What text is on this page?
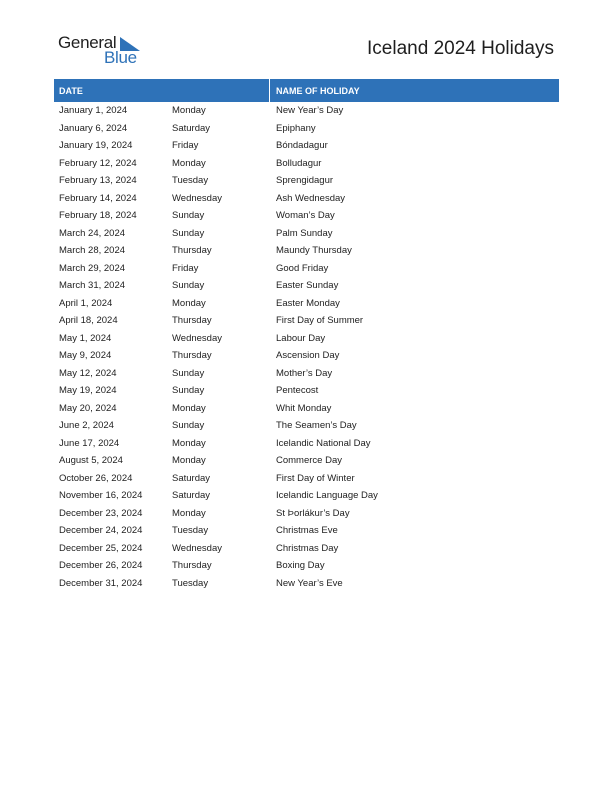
General
Blue	Iceland 2024 Holidays
DATE	NAME OF HOLIDAY
January 1, 2024	Monday	New Year’s Day
January 6, 2024	Saturday	Epiphany
January 19, 2024	Friday	Bóndadagur
February 12, 2024	Monday	Bolludagur
February 13, 2024	Tuesday	Sprengidagur
February 14, 2024	Wednesday	Ash Wednesday
February 18, 2024	Sunday	Woman’s Day
March 24, 2024	Sunday	Palm Sunday
March 28, 2024	Thursday	Maundy Thursday
March 29, 2024	Friday	Good Friday
March 31, 2024	Sunday	Easter Sunday
April 1, 2024	Monday	Easter Monday
April 18, 2024	Thursday	First Day of Summer
May 1, 2024	Wednesday	Labour Day
May 9, 2024	Thursday	Ascension Day
May 12, 2024	Sunday	Mother’s Day
May 19, 2024	Sunday	Pentecost
May 20, 2024	Monday	Whit Monday
June 2, 2024	Sunday	The Seamen’s Day
June 17, 2024	Monday	Icelandic National Day
August 5, 2024	Monday	Commerce Day
October 26, 2024	Saturday	First Day of Winter
November 16, 2024	Saturday	Icelandic Language Day
December 23, 2024	Monday	St Þorlákur’s Day
December 24, 2024	Tuesday	Christmas Eve
December 25, 2024	Wednesday	Christmas Day
December 26, 2024	Thursday	Boxing Day
December 31, 2024	Tuesday	New Year’s Eve
